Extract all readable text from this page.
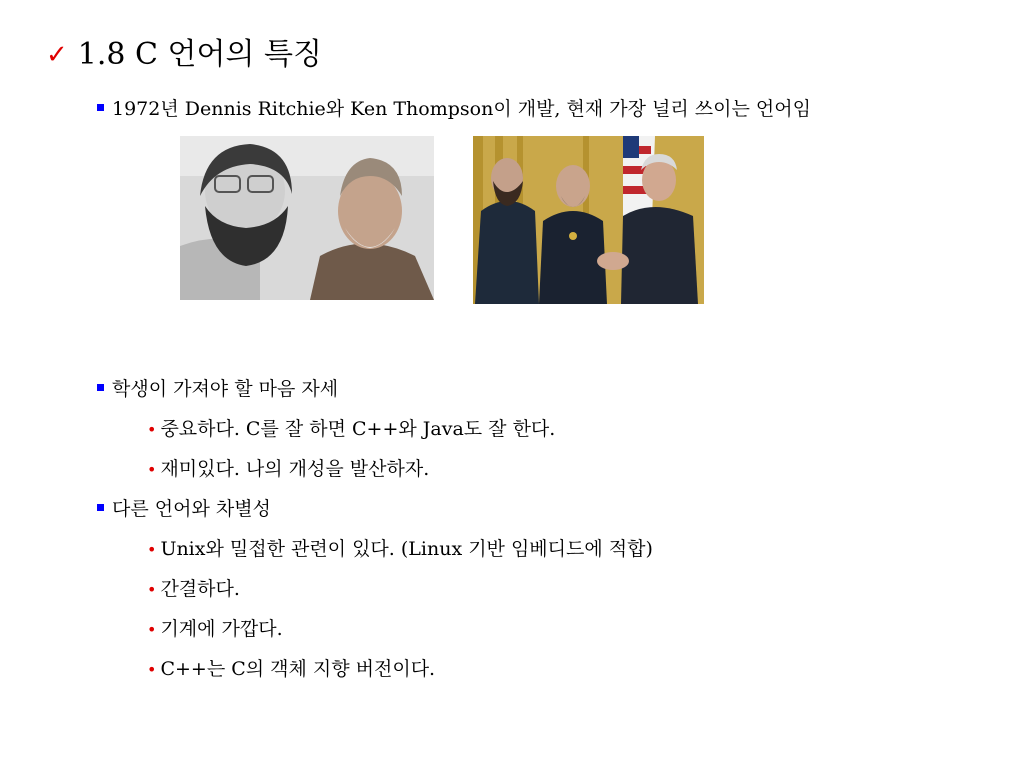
✓ 1.8 C 언어의 특징
1972년 Dennis Ritchie와 Ken Thompson이 개발, 현재 가장 널리 쓰이는 언어임
학생이 가져야 할 마음 자세
• 중요하다. C를 잘 하면 C++와 Java도 잘 한다.
• 재미있다. 나의 개성을 발산하자.
다른 언어와 차별성
• Unix와 밀접한 관련이 있다. (Linux 기반 임베디드에 적합)
• 간결하다.
• 기계에 가깝다.
• C++는 C의 객체 지향 버전이다.
